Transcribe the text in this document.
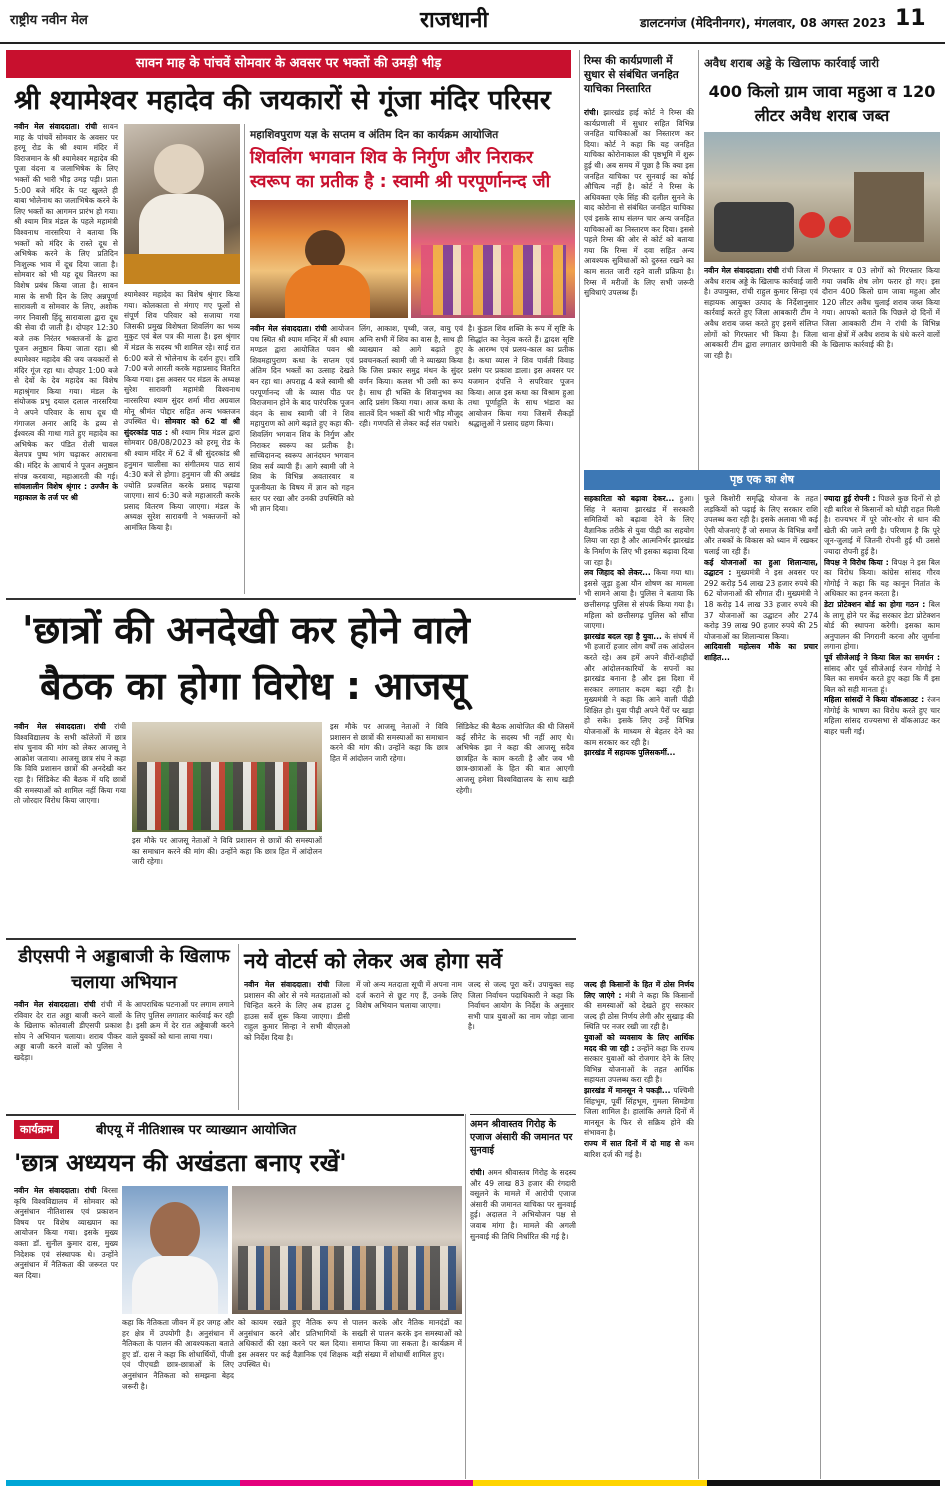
राष्ट्रीय नवीन मेल	राजधानी	डालटनगंज (मेदिनीनगर), मंगलवार, 08 अगस्त 2023 11
सावन माह के पांचवें सोमवार के अवसर पर भक्तों की उमड़ी भीड़
श्री श्यामेश्वर महादेव की जयकारों से गूंजा मंदिर परिसर
नवीन मेल संवाददाता। रांची सावन माह के पांचवें सोमवार के अवसर पर हरमू रोड के श्री श्याम मंदिर में विराजमान के श्री श्यामेश्वर महादेव की पूजा वंदना व जलाभिषेक के लिए भक्तों की भारी भीड़ उमड़ पड़ी। प्रातः 5:00 बजे मंदिर के पट खुलते ही बाबा भोलेनाथ का जलाभिषेक करने के लिए भक्तों का आगमन प्रारंभ हो गया। श्री श्याम मित्र मंडल के पहले महामंत्री विश्वनाथ नारसरिया ने बताया कि भक्तों को मंदिर के रास्ते दूध से अभिषेक करने के लिए प्रतिदिन निःशुल्क भाव में दूध दिया जाता है। सोमवार को भी यह दूध वितरण का विशेष प्रबंध किया जाता है। सावन मास के सभी दिन के लिए अन्नपूर्णा सारावली व सोमवार के लिए, अशोक नगर निवासी हिंदू सारावाला द्वारा दूध की सेवा दी जाती है। दोपहर 12:30 बजे तक निरंतर भक्तजनों के द्वारा पूजन अनुष्ठान किया जाता रहा। श्री श्यामेश्वर महादेव की जय जयकारों से मंदिर गूंज रहा था। दोपहर 1:00 बजे से देवों के देव महादेव का विशेष महाश्रृंगार किया गया। मंडल के संयोजक प्रभु दयाल दलाल नारसरिया ने अपने परिवार के साथ दूध घी गंगाजल अनार आदि के द्रव्य से ईश्वरत्व की गाथा गाते हुए महादेव का अभिषेक कर पंडित रोली चावल बेलपत्र पुष्प भांग चढ़ाकर आराधना की। मंदिर के आचार्य ने पूजन अनुष्ठान संपन्न करवाया, महाआरती की गई। सांवलालीन विशेष श्रृंगार : उज्जैन के महाकाल के तर्ज पर श्री
श्यामेश्वर महादेव का विशेष श्रृंगार किया गया। कोलकाता से मंगाए गए फूलों से संपूर्ण शिव परिवार को सजाया गया जिसकी प्रमुख विशेषता शिवलिंग का भव्य मुकुट एवं बेल पत्र की माला है। इस श्रृंगार में मंडल के सदस्य भी शामिल रहे। साई रात 6:00 बजे से भोलेनाथ के दर्शन हुए। रात्रि 7:00 बजे आरती करके महाप्रसाद वितरित किया गया। इस अवसर पर मंडल के अध्यक्ष सुरेश सारावगी महामंत्री विश्वनाथ नारसरिया श्याम सुंदर शर्मा मीरा अग्रवाल मोनू श्रीमंत पोद्दार सहित अन्य भक्तजन उपस्थित थे। सोमवार को 62 वां श्री सुंदरकांड पाठ : श्री श्याम मित्र मंडल द्वारा सोमवार 08/08/2023 को हरमू रोड के श्री श्याम मंदिर में 62 वें श्री सुंदरकांड श्री हनुमान चालीसा का संगीतमय पाठ सायं 4:30 बजे से होगा। हनुमान जी की अखंड ज्योति प्रज्वलित करके प्रसाद चढ़ाया जाएगा। सायं 6:30 बजे महाआरती करके प्रसाद वितरण किया जाएगा। मंडल के अध्यक्ष सुरेश सारावगी ने भक्तजनों को आमंत्रित किया है।
महाशिवपुराण यज्ञ के सप्तम व अंतिम दिन का कार्यक्रम आयोजित
शिवलिंग भगवान शिव के निर्गुण और निराकर स्वरूप का प्रतीक है : स्वामी श्री परपूर्णानन्द जी
नवीन मेल संवाददाता। रांची आयोजन पथ स्थित श्री श्याम मन्दिर में श्री श्याम मण्डल द्वारा आयोजित पवन श्री शिवमहापुराण कथा के सप्तम एवं अंतिम दिन भक्तों का उत्साह देखते बन रहा था। अपराह्न 4 बजे स्वामी श्री परपूर्णानन्द जी के व्यास पीठ पर विराजमान होने के बाद पारंपरिक पूजन वंदन के साथ स्वामी जी ने शिव महापुराण को आगे बढ़ाते हुए कहा की- शिवलिंग भगवान शिव के निर्गुण और निराकर स्वरूप का प्रतीक है। सच्चिदानन्द स्वरूप आनंदघन भगवान शिव सर्व व्यापी हैं। आगे स्वामी जी ने शिव के विभिन्न अवतारवार व पूजनीयता के विषय में ज्ञान को गहन स्तर पर रखा और उनकी उपस्थिति को भी ज्ञान दिया।
लिंग, आकाश, पृथ्वी, जल, वायु एवं अग्नि सभी में शिव का वास है, साथ ही व्याख्यान को आगे बढ़ाते हुए प्रवचनकर्ता स्वामी जी ने व्याख्या किया कि जिस प्रकार समुद्र मंथन के सुंदर वर्णन किया। कलश भी उसी का रूप है। साथ ही भक्ति के शिवानुभव का आदि प्रसंग किया गया। आज कथा के सातवें दिन भक्तों की भारी भीड़ मौजूद रही। गणपति से लेकर कई संत पधारे।
है। कुंडल शिव शक्ति के रूप में सृष्टि के सिद्धांत का नेतृत्व करते हैं। द्वादश सृष्टि के आरम्भ एवं प्रलय-काल का प्रतीक है। कथा व्यास ने शिव पार्वती विवाह प्रसंग पर प्रकाश डाला। इस अवसर पर यजमान दंपत्ति ने सपरिवार पूजन किया। आज इस कथा का विश्राम हुआ तथा पूर्णाहुति के साथ भंडारा का आयोजन किया गया जिसमें सैकड़ों श्रद्धालुओं ने प्रसाद ग्रहण किया।
रिम्स की कार्यप्रणाली में सुधार से संबंधित जनहित याचिका निस्तारित
रांची। झारखंड हाई कोर्ट ने रिम्स की कार्यप्रणाली में सुधार सहित विभिन्न जनहित याचिकाओं का निस्तारण कर दिया। कोर्ट ने कहा कि यह जनहित याचिका कोरोनाकाल की पृष्ठभूमि में शुरू हुई थी। अब समय में पूछा है कि क्या इस जनहित याचिका पर सुनवाई का कोई औचित्य नहीं है। कोर्ट ने रिम्स के अधिवक्ता एके सिंह की दलील सुनने के बाद कोरोना से संबंधित जनहित याचिका एवं इसके साथ संलग्न चार अन्य जनहित याचिकाओं का निस्तारण कर दिया। इससे पहले रिम्स की ओर से कोर्ट को बताया गया कि रिम्स में दवा सहित अन्य आवश्यक सुविधाओं को दुरुस्त रखने का काम सतत जारी रहने वाली प्रक्रिया है। रिम्स में मरीजों के लिए सभी जरूरी सुविधाएं उपलब्ध हैं।
अवैध शराब अड्डे के खिलाफ कार्रवाई जारी
400 किलो ग्राम जावा महुआ व 120 लीटर अवैध शराब जब्त
नवीन मेल संवाददाता। रांची रांची जिला में अवैध शराब अड्डे के खिलाफ कार्रवाई जारी है। उपायुक्त, रांची राहुल कुमार सिन्हा एवं सहायक आयुक्त उत्पाद के निर्देशानुसार कार्रवाई करते हुए जिला आबकारी टीम ने अवैध शराब जब्त करते हुए इसमें संलिप्त लोगों को गिरफ्तार भी किया है। जिला आबकारी टीम द्वारा लगातार छापेमारी की जा रही है।
गिरफ्तार व 03 लोगों को गिरफ्तार किया गया जबकि शेष लोग फरार हो गए। इस दौरान 400 किलो ग्राम जावा महुआ और 120 लीटर अवैध चुलाई शराब जब्त किया गया। आपको बताते कि पिछले दो दिनों में जिला आबकारी टीम ने रांची के विभिन्न थाना क्षेत्रों में अवैध शराब के धंधे करने वालों के खिलाफ कार्रवाई की है।
पृष्ठ एक का शेष
सहकारिता को बढ़ावा देकर... हुआ। सिंह ने बताया झारखंड में सरकारी समितियों को बढ़ावा देने के लिए वैज्ञानिक तरीके से युवा पीढ़ी का सहयोग लिया जा रहा है और आत्मनिर्भर झारखंड के निर्माण के लिए भी इसका बढ़ावा दिया जा रहा है।
लव जिहाद को लेकर... किया गया था। इससे जुड़ा हुआ यौन शोषण का मामला भी सामने आया है। पुलिस ने बताया कि छत्तीसगढ़ पुलिस से संपर्क किया गया है। महिला को छत्तीसगढ़ पुलिस को सौंपा जाएगा।
झारखंड बदल रहा है युवा... के संघर्ष में भी हजारों हजार लोग वर्षों तक आंदोलन करते रहे। अब हमें अपने वीरों-शहीदों और आंदोलनकारियों के सपनों का झारखंड बनाना है और इस दिशा में सरकार लगातार कदम बढ़ा रही है। मुख्यमंत्री ने कहा कि आने वाली पीढ़ी शिक्षित हो। युवा पीढ़ी अपने पैरों पर खड़ा हो सके। इसके लिए उन्हें विभिन्न योजनाओं के माध्यम से बेहतर देने का काम सरकार कर रही है।
झारखंड में सहायक पुलिसकर्मी...
जल्द ही किसानों के हित में ठोस निर्णय लिए जाएंगे : मंत्री ने कहा कि किसानों की समस्याओं को देखते हुए सरकार जल्द ही ठोस निर्णय लेगी और सुखाड़ की स्थिति पर नजर रखी जा रही है।
युवाओं को व्यवसाय के लिए आर्थिक मदद की जा रही : उन्होंने कहा कि राज्य सरकार युवाओं को रोजगार देने के लिए विभिन्न योजनाओं के तहत आर्थिक सहायता उपलब्ध करा रही है।
झारखंड में मानसून ने पकड़ी... पश्चिमी सिंहभूम, पूर्वी सिंहभूम, गुमला सिमडेगा जिला शामिल है। हालांकि अगले दिनों में मानसून के फिर से सक्रिय होने की संभावना है।
राज्य में सात दिनों में दो माह से कम बारिश दर्ज की गई है।
फूले किशोरी समृद्धि योजना के तहत लड़कियों को पढ़ाई के लिए सरकार राशि उपलब्ध करा रही है। इसके अलावा भी कई ऐसी योजनाएं हैं जो समाज के विभिन्न वर्गों और तबकों के विकास को ध्यान में रखकर चलाई जा रही हैं।
कई योजनाओं का हुआ शिलान्यास, उद्घाटन : मुख्यमंत्री ने इस अवसर पर 292 करोड़ 54 लाख 23 हजार रुपये की 62 योजनाओं की सौगात दी। मुख्यमंत्री ने 18 करोड़ 14 लाख 33 हजार रुपये की 37 योजनाओं का उद्घाटन और 274 करोड़ 39 लाख 90 हजार रुपये की 25 योजनाओं का शिलान्यास किया।
आदिवासी महोत्सव मौके का प्रचार शाहित...
ज्यादा हुई रोपनी : पिछले कुछ दिनों से हो रही बारिश से किसानों को थोड़ी राहत मिली है। राज्यभर में पूरे जोर-शोर से धान की खेती की जाने लगी है। परिणाम है कि पूरे जून-जुलाई में जितनी रोपनी हुई थी उससे ज्यादा रोपनी हुई है।
विपक्ष ने विरोध किया : विपक्ष ने इस बिल का विरोध किया। कांग्रेस सांसद गौरव गोगोई ने कहा कि यह कानून नितांत के अधिकार का हनन करता है।
डेटा प्रोटेक्शन बोर्ड का होगा गठन : बिल के लागू होने पर केंद्र सरकार डेटा प्रोटेक्शन बोर्ड की स्थापना करेगी। इसका काम अनुपालन की निगरानी करना और जुर्माना लगाना होगा।
पूर्व सीजेआई ने किया बिल का समर्थन : सांसद और पूर्व सीजेआई रंजन गोगोई ने बिल का समर्थन करते हुए कहा कि मैं इस बिल को सही मानता हूं।
महिला सांसदों ने किया वॉकआउट : रंजन गोगोई के भाषण का विरोध करते हुए चार महिला सांसद राज्यसभा से वॉकआउट कर बाहर चली गईं।
'छात्रों की अनदेखी कर होने वाले
बैठक का होगा विरोध : आजसू
नवीन मेल संवाददाता। रांची रांची विश्वविद्यालय के सभी कॉलेजों में छात्र संघ चुनाव की मांग को लेकर आजसू ने आक्रोश जताया। आजसू छात्र संघ ने कहा कि विवि प्रशासन छात्रों की अनदेखी कर रहा है। सिंडिकेट की बैठक में यदि छात्रों की समस्याओं को शामिल नहीं किया गया तो जोरदार विरोध किया जाएगा।
इस मौके पर आजसू नेताओं ने विवि प्रशासन से छात्रों की समस्याओं का समाधान करने की मांग की। उन्होंने कहा कि छात्र हित में आंदोलन जारी रहेगा।
इस मौके पर आजसू नेताओं ने विवि प्रशासन से छात्रों की समस्याओं का समाधान करने की मांग की। उन्होंने कहा कि छात्र हित में आंदोलन जारी रहेगा।
सिंडिकेट की बैठक आयोजित की थी जिसमें कई सीनेट के सदस्य भी नहीं आए थे। अभिषेक झा ने कहा की आजसू सदैव छात्रहित के काम करती है और जब भी छात्र-छात्राओं के हित की बात आएगी आजसू हमेशा विश्वविद्यालय के साथ खड़ी रहेगी।
डीएसपी ने अड्डाबाजी के खिलाफ चलाया अभियान
नवीन मेल संवाददाता। रांची रांची में रविवार देर रात अड्डा बाजी करने वालों के खिलाफ कोतवाली डीएसपी प्रकाश सोय ने अभियान चलाया। शराब पीकर अड्डा बाजी करने वालों को पुलिस ने खदेड़ा।
के आपराधिक घटनाओं पर लगाम लगाने के लिए पुलिस लगातार कार्रवाई कर रही है। इसी क्रम में देर रात अड्डेबाजी करने वाले युवकों को थाना लाया गया।
नये वोटर्स को लेकर अब होगा सर्वे
नवीन मेल संवाददाता। रांची जिला प्रशासन की ओर से नये मतदाताओं को चिन्हित करने के लिए अब हाउस टू हाउस सर्वे शुरू किया जाएगा। डीसी राहुल कुमार सिन्हा ने सभी बीएलओ को निर्देश दिया है।
में जो अन्य मतदाता सूची में अपना नाम दर्ज कराने से छूट गए हैं, उनके लिए विशेष अभियान चलाया जाएगा।
जल्द से जल्द पूरा करें। उपायुक्त सह जिला निर्वाचन पदाधिकारी ने कहा कि निर्वाचन आयोग के निर्देश के अनुसार सभी पात्र युवाओं का नाम जोड़ा जाना है।
अमन श्रीवास्तव गिरोह के एजाज अंसारी की जमानत पर सुनवाई
रांची। अमन श्रीवास्तव गिरोह के सदस्य और 49 लाख 83 हजार की रंगदारी वसूलने के मामले में आरोपी एजाज अंसारी की जमानत याचिका पर सुनवाई हुई। अदालत ने अभियोजन पक्ष से जवाब मांगा है। मामले की अगली सुनवाई की तिथि निर्धारित की गई है।
कार्यक्रम	बीएयू में नीतिशास्त्र पर व्याख्यान आयोजित
'छात्र अध्ययन की अखंडता बनाए रखें'
नवीन मेल संवाददाता। रांची बिरसा कृषि विश्वविद्यालय में सोमवार को अनुसंधान नीतिशास्त्र एवं प्रकाशन विषय पर विशेष व्याख्यान का आयोजन किया गया। इसके मुख्य वक्ता डॉ. सुनील कुमार दास, मुख्य निदेशक एवं संस्थापक थे। उन्होंने अनुसंधान में नैतिकता की जरूरत पर बल दिया।
कहा कि नैतिकता जीवन में हर जगह और हर क्षेत्र में उपयोगी है। अनुसंधान में नैतिकता के पालन की आवश्यकता बताते हुए डॉ. दास ने कहा कि शोधार्थियों, पीजी एवं पीएचडी छात्र-छात्राओं के लिए अनुसंधान नैतिकता को समझना बेहद जरूरी है।
को कायम रखते हुए नैतिक रूप से अनुसंधान करने और प्रतिभागियों के अधिकारों की रक्षा करने पर बल दिया। इस अवसर पर कई वैज्ञानिक एवं शिक्षक उपस्थित थे।
पालन करके और नैतिक मानदंडों का सख्ती से पालन करके इन समस्याओं को समाप्त किया जा सकता है। कार्यक्रम में बड़ी संख्या में शोधार्थी शामिल हुए।
